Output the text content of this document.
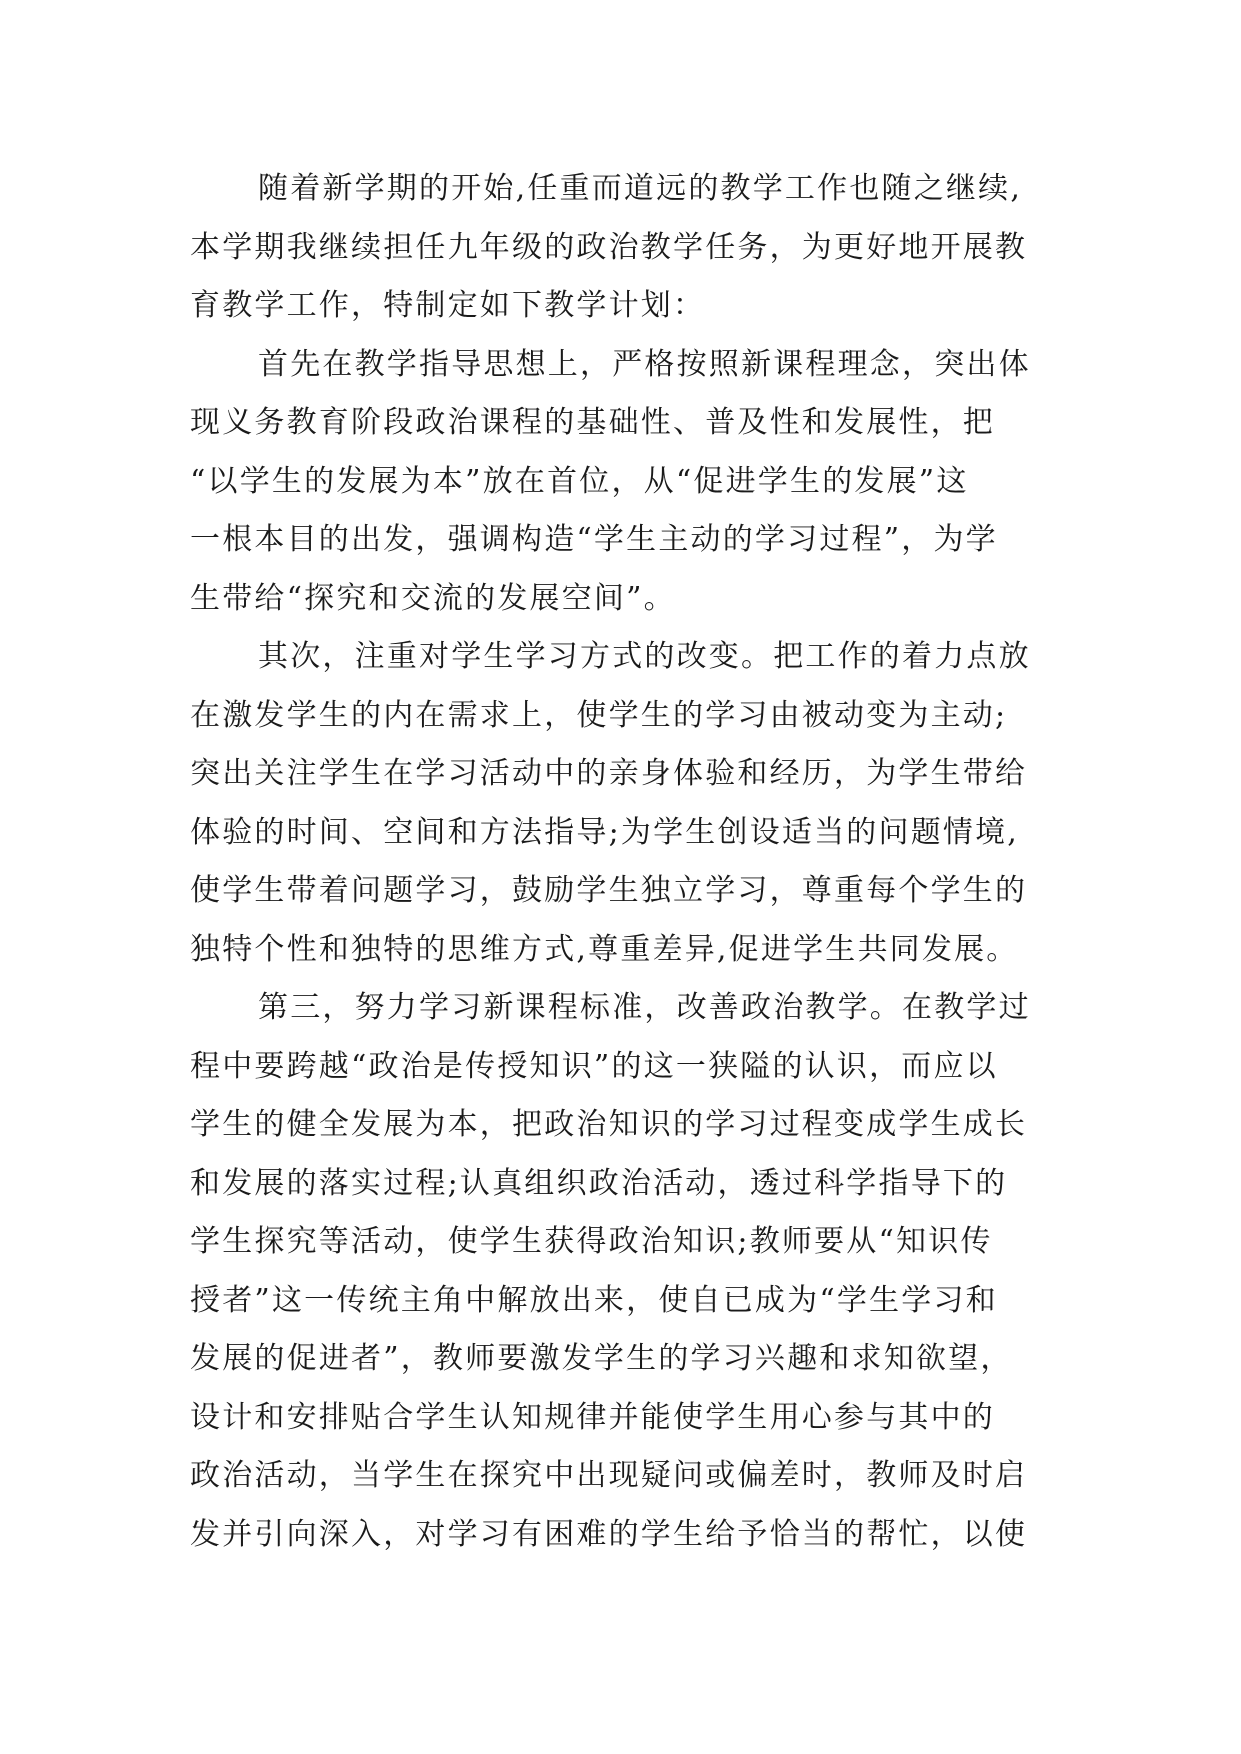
随着新学期的开始,任重而道远的教学工作也随之继续,
本学期我继续担任九年级的政治教学任务，为更好地开展教
育教学工作，特制定如下教学计划：
首先在教学指导思想上，严格按照新课程理念，突出体
现义务教育阶段政治课程的基础性、普及性和发展性，把
“以学生的发展为本”放在首位，从“促进学生的发展”这
一根本目的出发，强调构造“学生主动的学习过程”，为学
生带给“探究和交流的发展空间”。
其次，注重对学生学习方式的改变。把工作的着力点放
在激发学生的内在需求上，使学生的学习由被动变为主动;
突出关注学生在学习活动中的亲身体验和经历，为学生带给
体验的时间、空间和方法指导;为学生创设适当的问题情境,
使学生带着问题学习，鼓励学生独立学习，尊重每个学生的
独特个性和独特的思维方式,尊重差异,促进学生共同发展。
第三，努力学习新课程标准，改善政治教学。在教学过
程中要跨越“政治是传授知识”的这一狭隘的认识，而应以
学生的健全发展为本，把政治知识的学习过程变成学生成长
和发展的落实过程;认真组织政治活动，透过科学指导下的
学生探究等活动，使学生获得政治知识;教师要从“知识传
授者”这一传统主角中解放出来，使自已成为“学生学习和
发展的促进者”，教师要激发学生的学习兴趣和求知欲望，
设计和安排贴合学生认知规律并能使学生用心参与其中的
政治活动，当学生在探究中出现疑问或偏差时，教师及时启
发并引向深入，对学习有困难的学生给予恰当的帮忙，以使
